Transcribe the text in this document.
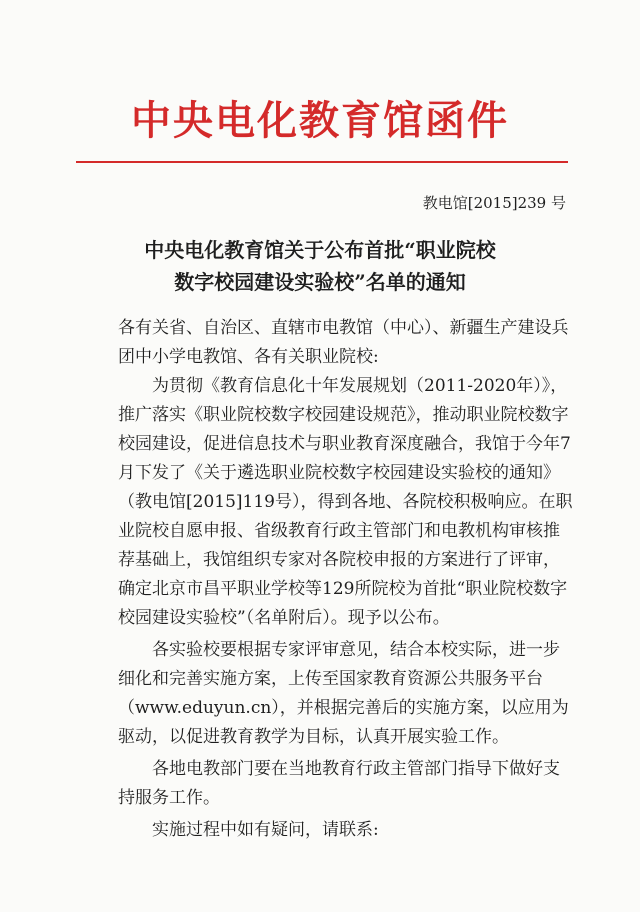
中央电化教育馆函件
教电馆[2015]239 号
中央电化教育馆关于公布首批“职业院校
数字校园建设实验校”名单的通知

各有关省、自治区、直辖市电教馆（中心）、新疆生产建设兵团中小学电教馆、各有关职业院校:

为贯彻《教育信息化十年发展规划（2011-2020年）》，推广落实《职业院校数字校园建设规范》，推动职业院校数字校园建设，促进信息技术与职业教育深度融合，我馆于今年7月下发了《关于遴选职业院校数字校园建设实验校的通知》（教电馆[2015]119号），得到各地、各院校积极响应。在职业院校自愿申报、省级教育行政主管部门和电教机构审核推荐基础上，我馆组织专家对各院校申报的方案进行了评审，确定北京市昌平职业学校等129所院校为首批“职业院校数字校园建设实验校”（名单附后）。现予以公布。

各实验校要根据专家评审意见，结合本校实际，进一步细化和完善实施方案，上传至国家教育资源公共服务平台（www.eduyun.cn），并根据完善后的实施方案，以应用为驱动，以促进教育教学为目标，认真开展实验工作。

各地电教部门要在当地教育行政主管部门指导下做好支持服务工作。

实施过程中如有疑问，请联系:
